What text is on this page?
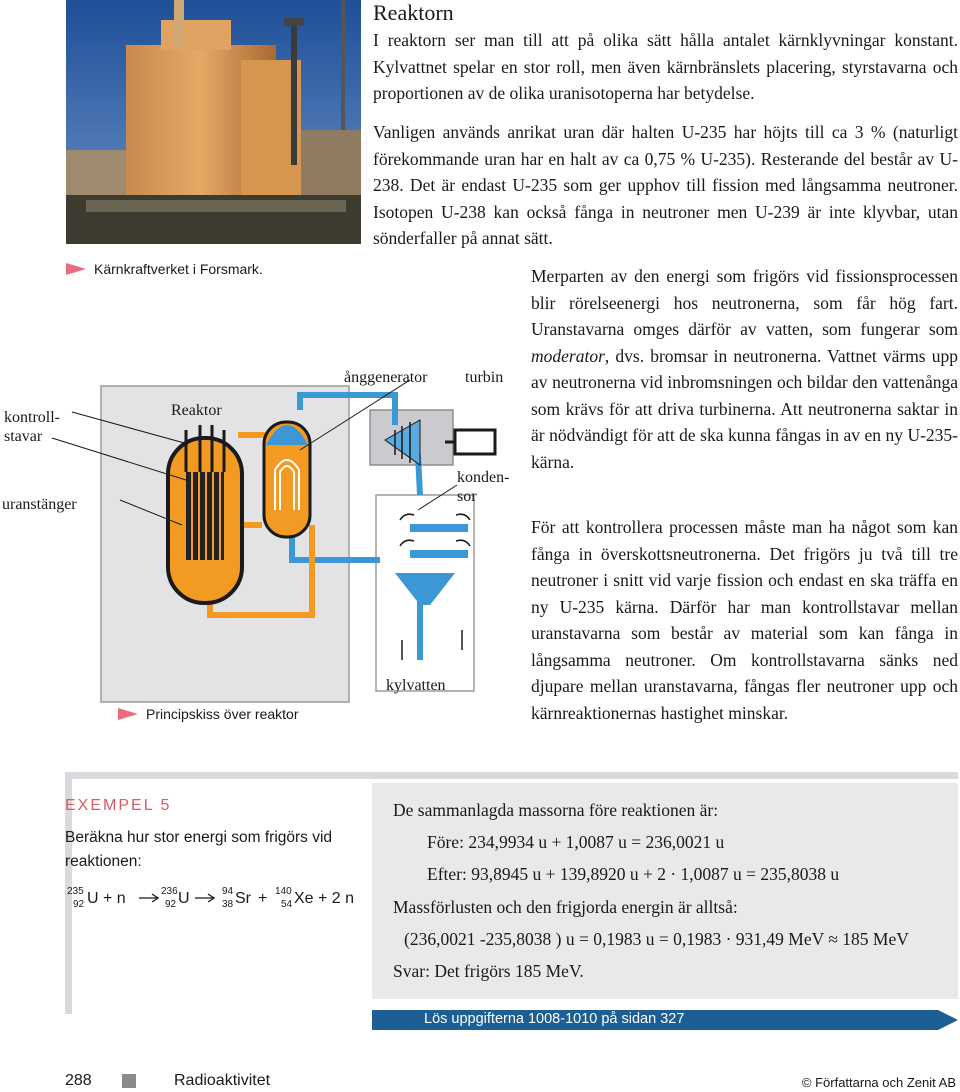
Reaktorn
I reaktorn ser man till att på olika sätt hålla antalet kärnklyvningar konstant. Kylvattnet spelar en stor roll, men även kärnbränslets placering, styrstavarna och proportionen av de olika uranisotoperna har betydelse.
Vanligen används anrikat uran där halten U-235 har höjts till ca 3 % (naturligt förekommande uran har en halt av ca 0,75 % U-235). Resterande del består av U-238. Det är endast U-235 som ger upphov till fission med långsamma neutroner. Isotopen U-238 kan också fånga in neutroner men U-239 är inte klyvbar, utan sönderfaller på annat sätt.
Kärnkraftverket i Forsmark.	Merparten av den energi som frigörs vid fissionsprocessen blir rörelseenergi hos neutronerna, som får hög fart. Uranstavarna omges därför av vatten, som fungerar som moderator, dvs. bromsar in neutronerna. Vattnet värms upp av neutronerna vid inbromsningen och bildar den vattenånga som krävs för att driva turbinerna. Att neutronerna saktar in är nödvändigt för att de ska kunna fångas in av en ny U-235-kärna.
För att kontrollera processen måste man ha något som kan fånga in överskottsneutronerna. Det frigörs ju två till tre neutroner i snitt vid varje fission och endast en ska träffa en ny U-235 kärna. Därför har man kontrollstavar mellan uranstavarna som består av material som kan fånga in långsamma neutroner. Om kontrollstavarna sänks ned djupare mellan uranstavarna, fångas fler neutroner upp och kärnreaktionernas hastighet minskar.
kontroll-
stavar
uranstänger
Reaktor
ånggenerator turbin
konden-
sor
kylvatten
Principskiss över reaktor
EXEMPEL 5
Beräkna hur stor energi som frigörs vid reaktionen:
235
92 U + n	236
92 U	94
38 Sr + 140
54 Xe + 2 n
De sammanlagda massorna före reaktionen är:
Före: 234,9934 u + 1,0087 u = 236,0021 u
Efter: 93,8945 u + 139,8920 u + 2 · 1,0087 u = 235,8038 u
Massförlusten och den frigjorda energin är alltså:
(236,0021 -235,8038 ) u = 0,1983 u = 0,1983 · 931,49 MeV ≈ 185 MeV
Svar: Det frigörs 185 MeV.
Lös uppgifterna 1008-1010 på sidan 327
288	Radioaktivitet	© Författarna och Zenit AB
